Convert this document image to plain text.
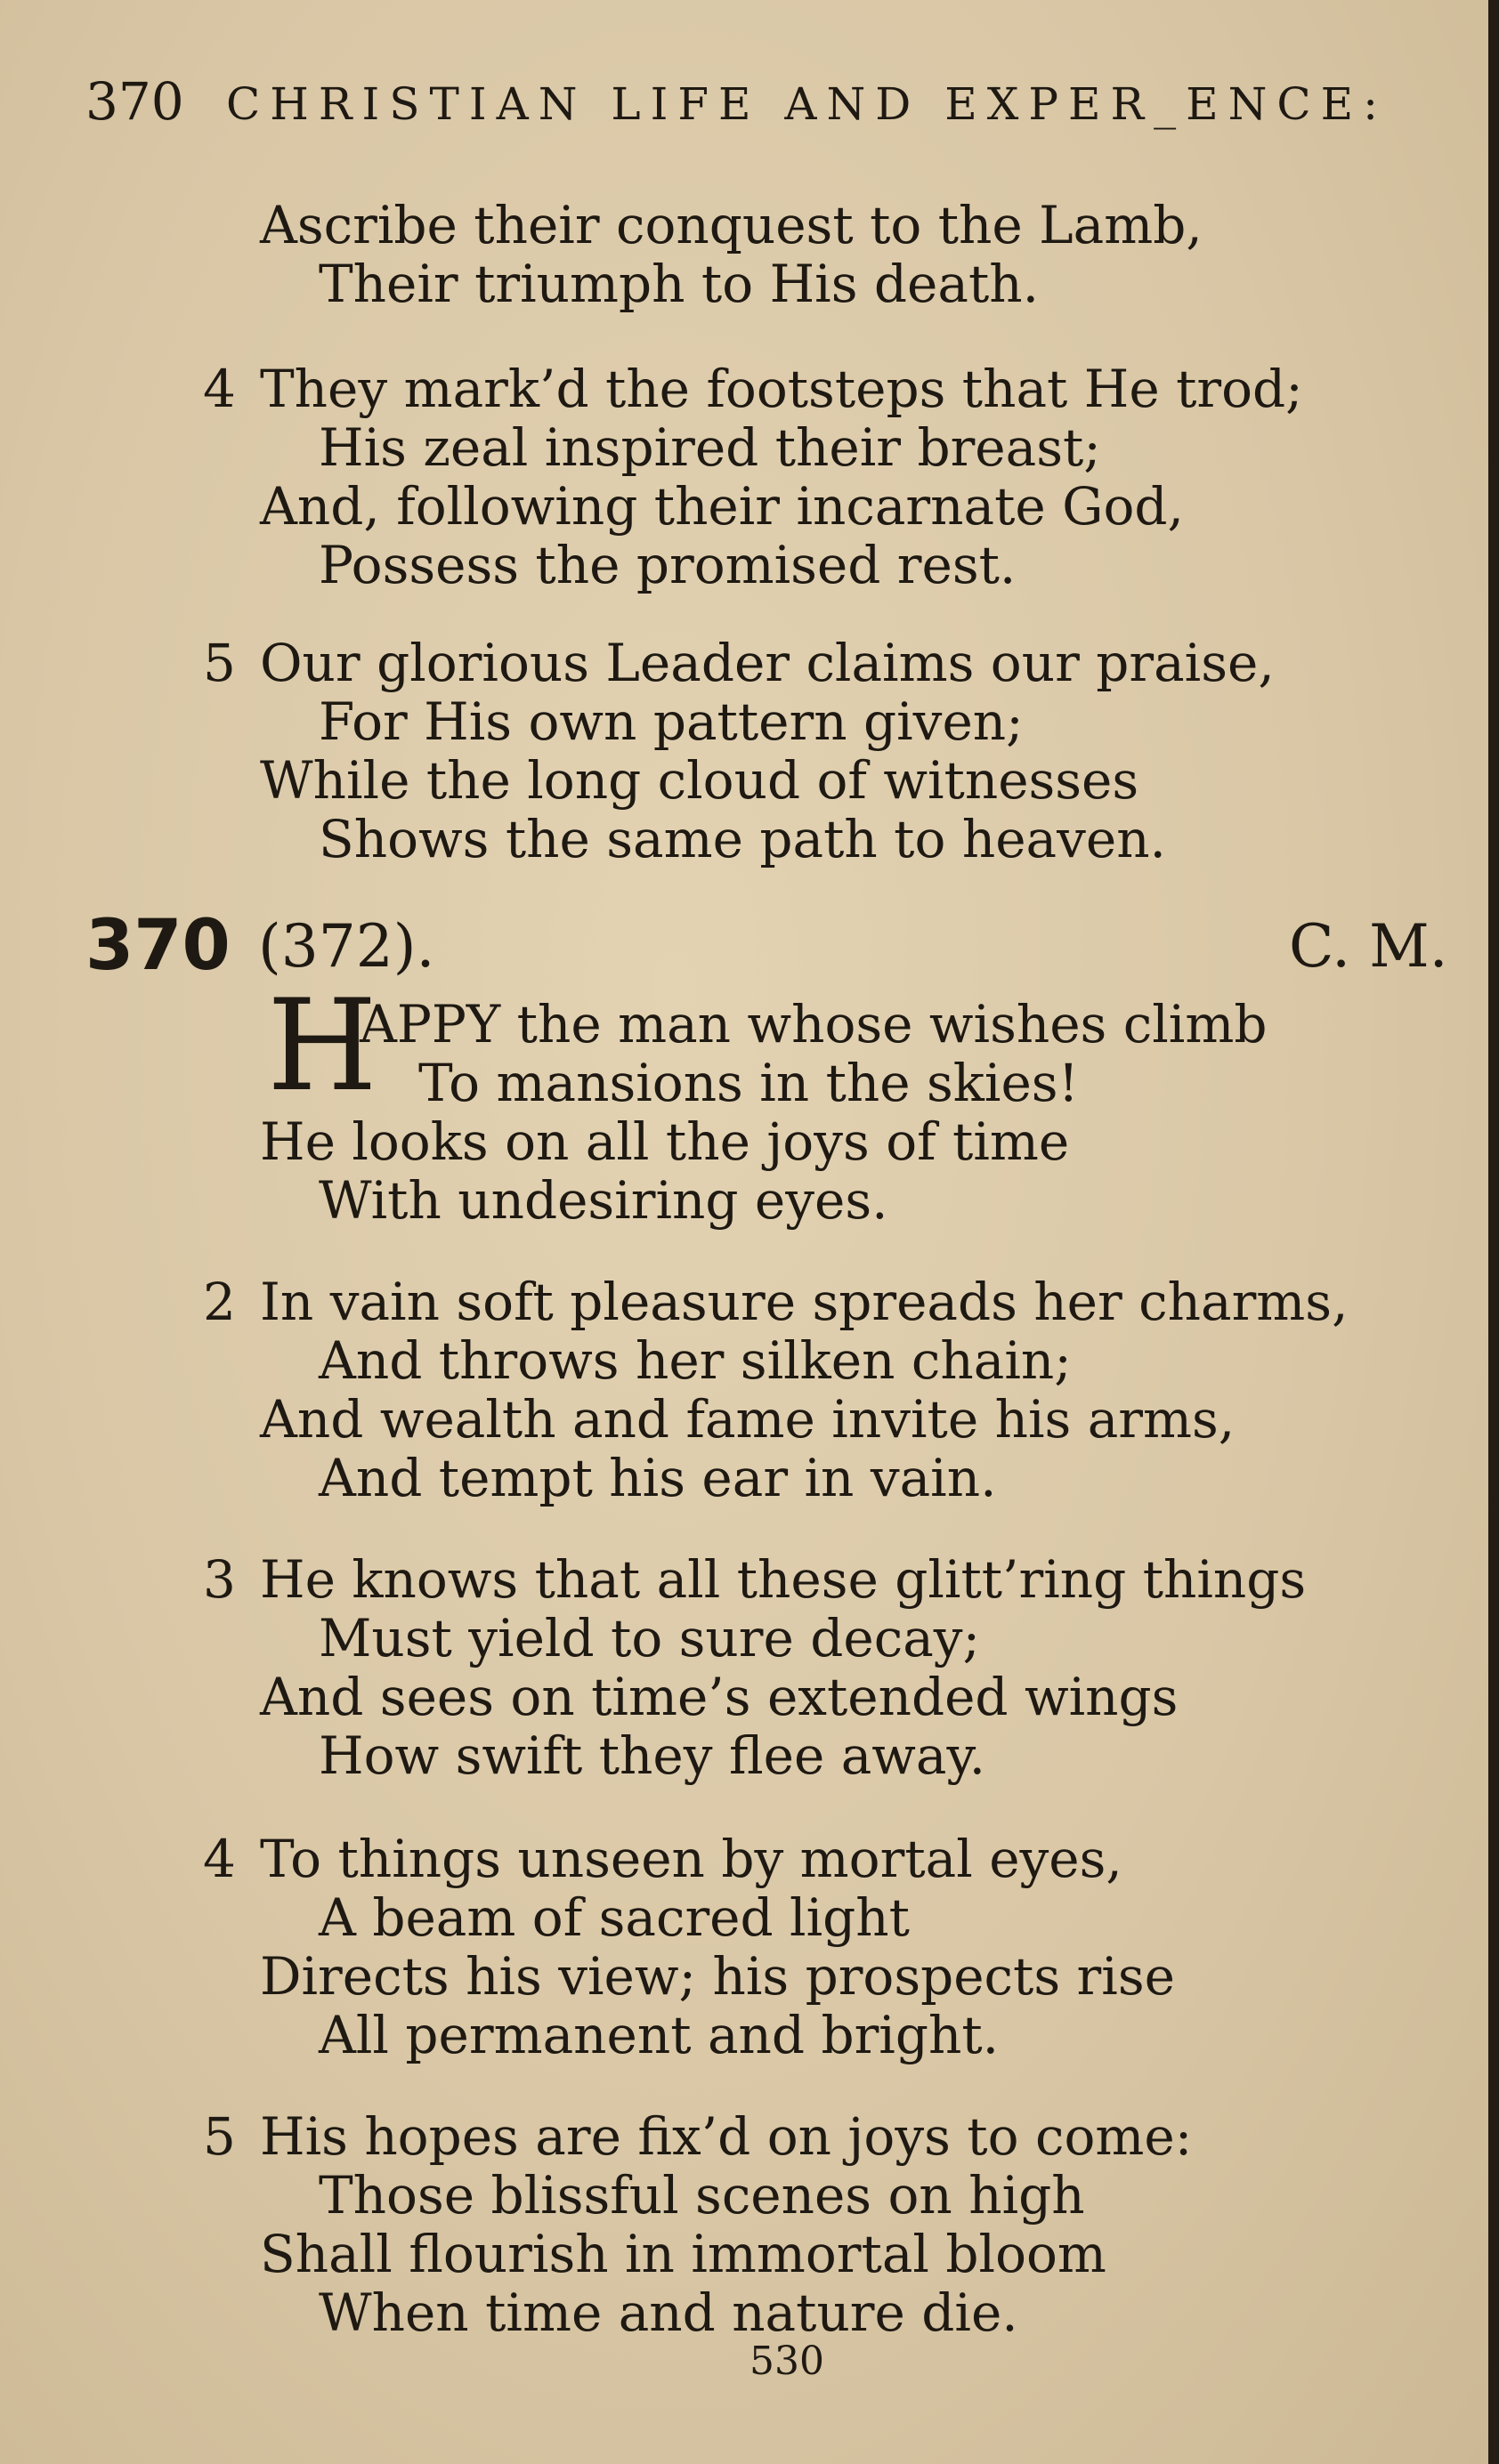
370 CHRISTIAN LIFE AND EXPER_ENCE:
Ascribe their conquest to the Lamb,
Their triumph to His death.
4 They mark’d the footsteps that He trod;
His zeal inspired their breast;
And, following their incarnate God,
Possess the promised rest.
5 Our glorious Leader claims our praise,
For His own pattern given;
While the long cloud of witnesses
Shows the same path to heaven.
370 (372).	C. M.
H
APPY the man whose wishes climb
To mansions in the skies!
He looks on all the joys of time
With undesiring eyes.
2 In vain soft pleasure spreads her charms,
And throws her silken chain;
And wealth and fame invite his arms,
And tempt his ear in vain.
3 He knows that all these glitt’ring things
Must yield to sure decay;
And sees on time’s extended wings
How swift they flee away.
4 To things unseen by mortal eyes,
A beam of sacred light
Directs his view; his prospects rise
All permanent and bright.
5 His hopes are fix’d on joys to come:
Those blissful scenes on high
Shall flourish in immortal bloom
When time and nature die.
530
